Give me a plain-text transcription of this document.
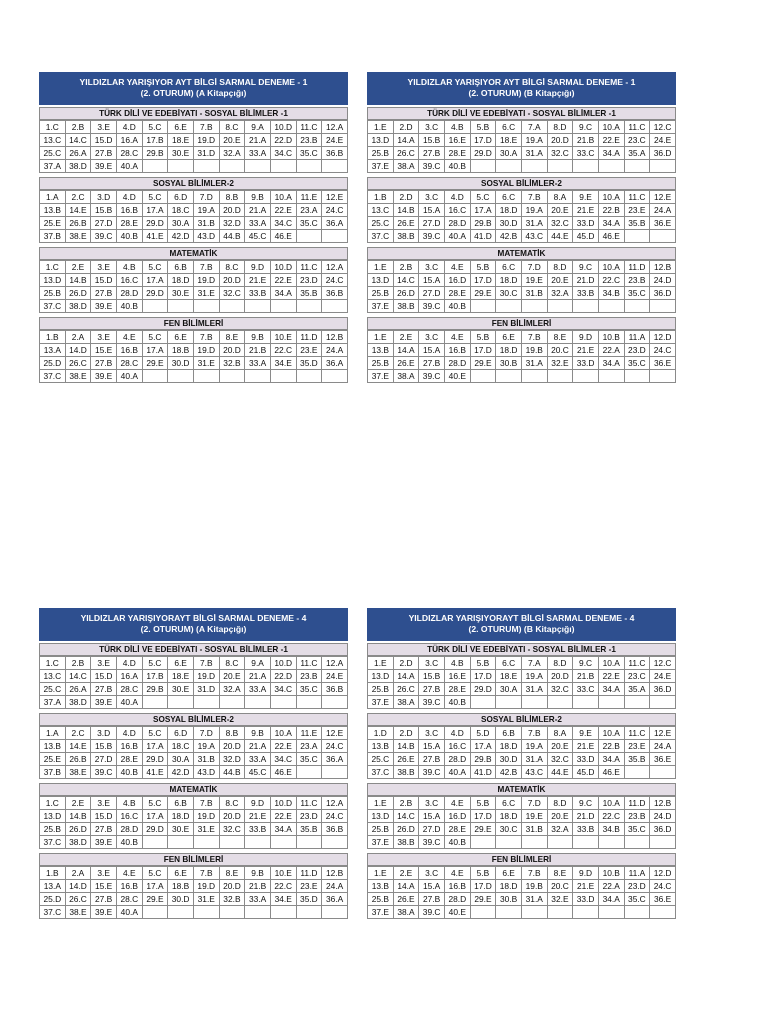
YILDIZLAR YARIŞIYOR AYT BİLGİ SARMAL DENEME - 1
(2. OTURUM) (A Kitapçığı)
TÜRK DİLİ VE EDEBİYATI - SOSYAL BİLİMLER -1
1.C	2.B	3.E	4.D	5.C	6.E	7.B	8.C	9.A	10.D	11.C	12.A
13.C	14.C	15.D	16.A	17.B	18.E	19.D	20.E	21.A	22.D	23.B	24.E
25.C	26.A	27.B	28.C	29.B	30.E	31.D	32.A	33.A	34.C	35.C	36.B
37.A	38.D	39.E	40.A								
SOSYAL BİLİMLER-2
1.A	2.C	3.D	4.D	5.C	6.D	7.D	8.B	9.B	10.A	11.E	12.E
13.B	14.E	15.B	16.B	17.A	18.C	19.A	20.D	21.A	22.E	23.A	24.C
25.E	26.B	27.D	28.E	29.D	30.A	31.B	32.D	33.A	34.C	35.C	36.A
37.B	38.E	39.C	40.B	41.E	42.D	43.D	44.B	45.C	46.E		
MATEMATİK
1.C	2.E	3.E	4.B	5.C	6.B	7.B	8.C	9.D	10.D	11.C	12.A
13.D	14.B	15.D	16.C	17.A	18.D	19.D	20.D	21.E	22.E	23.D	24.C
25.B	26.D	27.B	28.D	29.D	30.E	31.E	32.C	33.B	34.A	35.B	36.B
37.C	38.D	39.E	40.B								
FEN BİLİMLERİ
1.B	2.A	3.E	4.E	5.C	6.E	7.B	8.E	9.B	10.E	11.D	12.B
13.A	14.D	15.E	16.B	17.A	18.B	19.D	20.D	21.B	22.C	23.E	24.A
25.D	26.C	27.B	28.C	29.E	30.D	31.E	32.B	33.A	34.E	35.D	36.A
37.C	38.E	39.E	40.A								
YILDIZLAR YARIŞIYOR AYT BİLGİ SARMAL DENEME - 1
(2. OTURUM) (B Kitapçığı)
TÜRK DİLİ VE EDEBİYATI - SOSYAL BİLİMLER -1
1.E	2.D	3.C	4.B	5.B	6.C	7.A	8.D	9.C	10.A	11.C	12.C
13.D	14.A	15.B	16.E	17.D	18.E	19.A	20.D	21.B	22.E	23.C	24.E
25.B	26.C	27.B	28.E	29.D	30.A	31.A	32.C	33.C	34.A	35.A	36.D
37.E	38.A	39.C	40.B								
SOSYAL BİLİMLER-2
1.B	2.D	3.C	4.D	5.C	6.C	7.B	8.A	9.E	10.A	11.C	12.E
13.C	14.B	15.A	16.C	17.A	18.D	19.A	20.E	21.E	22.B	23.E	24.A
25.C	26.E	27.D	28.D	29.B	30.D	31.A	32.C	33.D	34.A	35.B	36.E
37.C	38.B	39.C	40.A	41.D	42.B	43.C	44.E	45.D	46.E		
MATEMATİK
1.E	2.B	3.C	4.E	5.B	6.C	7.D	8.D	9.C	10.A	11.D	12.B
13.D	14.C	15.A	16.D	17.D	18.D	19.E	20.E	21.D	22.C	23.B	24.D
25.B	26.D	27.D	28.E	29.E	30.C	31.B	32.A	33.B	34.B	35.C	36.D
37.E	38.B	39.C	40.B								
FEN BİLİMLERİ
1.E	2.E	3.C	4.E	5.B	6.E	7.B	8.E	9.D	10.B	11.A	12.D
13.B	14.A	15.A	16.B	17.D	18.D	19.B	20.C	21.E	22.A	23.D	24.C
25.B	26.E	27.B	28.D	29.E	30.B	31.A	32.E	33.D	34.A	35.C	36.E
37.E	38.A	39.C	40.E								
YILDIZLAR YARIŞIYORAYT BİLGİ SARMAL DENEME - 4
(2. OTURUM) (A Kitapçığı)
TÜRK DİLİ VE EDEBİYATI - SOSYAL BİLİMLER -1
1.C	2.B	3.E	4.D	5.C	6.E	7.B	8.C	9.A	10.D	11.C	12.A
13.C	14.C	15.D	16.A	17.B	18.E	19.D	20.E	21.A	22.D	23.B	24.E
25.C	26.A	27.B	28.C	29.B	30.E	31.D	32.A	33.A	34.C	35.C	36.B
37.A	38.D	39.E	40.A								
SOSYAL BİLİMLER-2
1.A	2.C	3.D	4.D	5.C	6.D	7.D	8.B	9.B	10.A	11.E	12.E
13.B	14.E	15.B	16.B	17.A	18.C	19.A	20.D	21.A	22.E	23.A	24.C
25.E	26.B	27.D	28.E	29.D	30.A	31.B	32.D	33.A	34.C	35.C	36.A
37.B	38.E	39.C	40.B	41.E	42.D	43.D	44.B	45.C	46.E		
MATEMATİK
1.C	2.E	3.E	4.B	5.C	6.B	7.B	8.C	9.D	10.D	11.C	12.A
13.D	14.B	15.D	16.C	17.A	18.D	19.D	20.D	21.E	22.E	23.D	24.C
25.B	26.D	27.B	28.D	29.D	30.E	31.E	32.C	33.B	34.A	35.B	36.B
37.C	38.D	39.E	40.B								
FEN BİLİMLERİ
1.B	2.A	3.E	4.E	5.C	6.E	7.B	8.E	9.B	10.E	11.D	12.B
13.A	14.D	15.E	16.B	17.A	18.B	19.D	20.D	21.B	22.C	23.E	24.A
25.D	26.C	27.B	28.C	29.E	30.D	31.E	32.B	33.A	34.E	35.D	36.A
37.C	38.E	39.E	40.A								
YILDIZLAR YARIŞIYORAYT BİLGİ SARMAL DENEME - 4
(2. OTURUM) (B Kitapçığı)
TÜRK DİLİ VE EDEBİYATI - SOSYAL BİLİMLER -1
1.E	2.D	3.C	4.B	5.B	6.C	7.A	8.D	9.C	10.A	11.C	12.C
13.D	14.A	15.B	16.E	17.D	18.E	19.A	20.D	21.B	22.E	23.C	24.E
25.B	26.C	27.B	28.E	29.D	30.A	31.A	32.C	33.C	34.A	35.A	36.D
37.E	38.A	39.C	40.B								
SOSYAL BİLİMLER-2
1.D	2.D	3.C	4.D	5.D	6.B	7.B	8.A	9.E	10.A	11.C	12.E
13.B	14.B	15.A	16.C	17.A	18.D	19.A	20.E	21.E	22.B	23.E	24.A
25.C	26.E	27.B	28.D	29.B	30.D	31.A	32.C	33.D	34.A	35.B	36.E
37.C	38.B	39.C	40.A	41.D	42.B	43.C	44.E	45.D	46.E		
MATEMATİK
1.E	2.B	3.C	4.E	5.B	6.C	7.D	8.D	9.C	10.A	11.D	12.B
13.D	14.C	15.A	16.D	17.D	18.D	19.E	20.E	21.D	22.C	23.B	24.D
25.B	26.D	27.D	28.E	29.E	30.C	31.B	32.A	33.B	34.B	35.C	36.D
37.E	38.B	39.C	40.B								
FEN BİLİMLERİ
1.E	2.E	3.C	4.E	5.B	6.E	7.B	8.E	9.D	10.B	11.A	12.D
13.B	14.A	15.A	16.B	17.D	18.D	19.B	20.C	21.E	22.A	23.D	24.C
25.B	26.E	27.B	28.D	29.E	30.B	31.A	32.E	33.D	34.A	35.C	36.E
37.E	38.A	39.C	40.E								
